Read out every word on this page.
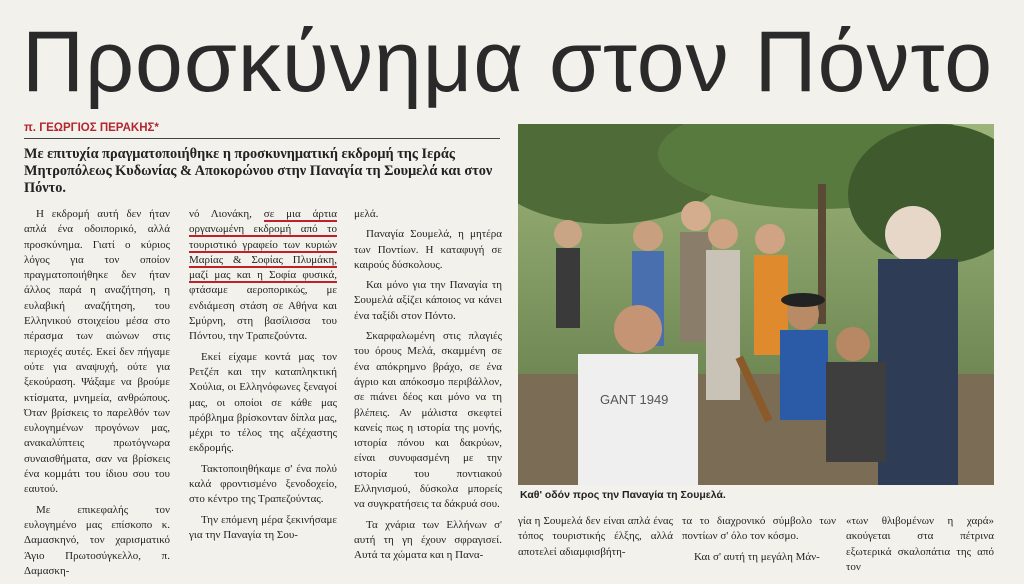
Προσκύνημα στον Πόντο
π. ΓΕΩΡΓΙΟΣ ΠΕΡΑΚΗΣ*
Με επιτυχία πραγματοποιήθηκε η προσκυνηματική εκδρομή της Ιεράς Μητροπόλεως Κυδωνίας & Αποκορώνου στην Παναγία τη Σουμελά και στον Πόντο.

Η εκδρομή αυτή δεν ήταν απλά ένα οδοιπορικό, αλλά προσκύνημα. Γιατί ο κύριος λόγος για τον οποίον πραγματοποιήθηκε δεν ήταν άλλος παρά η αναζήτηση, η ευλαβική αναζήτηση, του Ελληνικού στοιχείου μέσα στο πέρασμα των αιώνων στις περιοχές αυτές. Εκεί δεν πήγαμε ούτε για αναψυχή, ούτε για ξεκούραση. Ψάξαμε να βρούμε κτίσματα, μνημεία, ανθρώπους. Όταν βρίσκεις το παρελθόν των ευλογημένων προγόνων μας, ανακαλύπτεις πρωτόγνωρα συναισθήματα, σαν να βρίσκεις ένα κομμάτι του ίδιου σου του εαυτού.

Με επικεφαλής τον ευλογημένο μας επίσκοπο κ. Δαμασκηνό, τον χαρισματικό Άγιο Πρωτοσύγκελλο, π. Δαμασκη-

νό Λιονάκη, σε μια άρτια οργανωμένη εκδρομή από το τουριστικό γραφείο των κυριών Μαρίας & Σοφίας Πλυμάκη, μαζί μας και η Σοφία φυσικά, φτάσαμε αεροπορικώς, με ενδιάμεση στάση σε Αθήνα και Σμύρνη, στη βασίλισσα του Πόντου, την Τραπεζούντα.

Εκεί είχαμε κοντά μας τον Ρετζέπ και την καταπληκτική Χούλια, οι Ελληνόφωνες ξεναγοί μας, οι οποίοι σε κάθε μας πρόβλημα βρίσκονταν δίπλα μας, μέχρι το τέλος της αξέχαστης εκδρομής.

Τακτοποιηθήκαμε σ' ένα πολύ καλά φροντισμένο ξενοδοχείο, στο κέντρο της Τραπεζούντας.

Την επόμενη μέρα ξεκινήσαμε για την Παναγία τη Σου-

μελά.

Παναγία Σουμελά, η μητέρα των Ποντίων. Η καταφυγή σε καιρούς δύσκολους.

Και μόνο για την Παναγία τη Σουμελά αξίζει κάποιος να κάνει ένα ταξίδι στον Πόντο.

Σκαρφαλωμένη στις πλαγιές του όρους Μελά, σκαμμένη σε ένα απόκρημνο βράχο, σε ένα άγριο και απόκοσμο περιβάλλον, σε πιάνει δέος και μόνο να τη βλέπεις. Αν μάλιστα σκεφτεί κανείς πως η ιστορία της μονής, ιστορία πόνου και δακρύων, είναι συνυφασμένη με την ιστορία του ποντιακού Ελληνισμού, δύσκολα μπορείς να συγκρατήσεις τα δάκρυά σου.

Τα χνάρια των Ελλήνων σ' αυτή τη γη έχουν σφραγισεί. Αυτά τα χώματα και η Πανα-

GANT 1949
Καθ' οδόν προς την Παναγία τη Σουμελά.

γία η Σουμελά δεν είναι απλά ένας τόπος τουριστικής έλξης, αλλά αποτελεί αδιαμφισβήτη-

τα το διαχρονικό σύμβολο των ποντίων σ' όλο τον κόσμο.

Και σ' αυτή τη μεγάλη Μάν-

«των θλιβομένων η χαρά» ακούγεται στα πέτρινα εξωτερικά σκαλοπάτια της από τον
